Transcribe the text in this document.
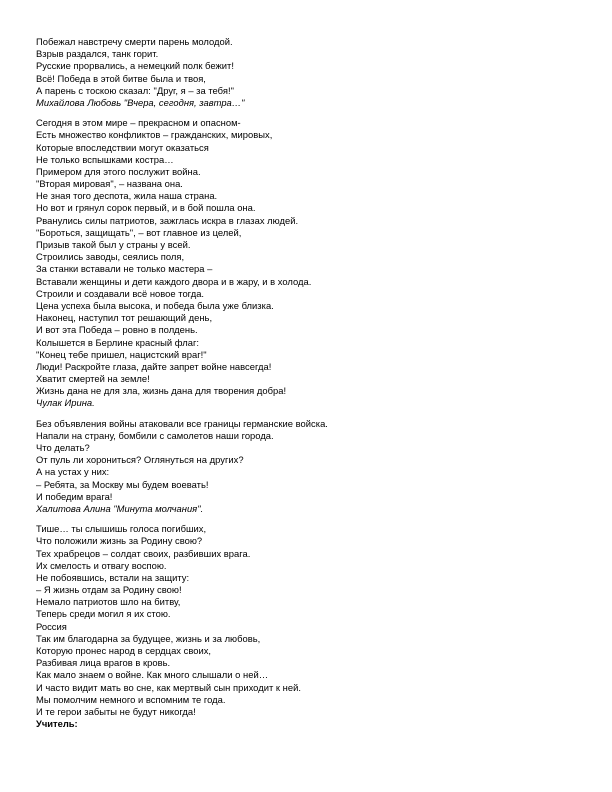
Побежал навстречу смерти парень молодой.
Взрыв раздался, танк горит.
Русские прорвались, а немецкий полк бежит!
Всё! Победа в этой битве была и твоя,
А парень с тоскою сказал: "Друг, я – за тебя!"
Михайлова Любовь "Вчера, сегодня, завтра…"
Сегодня в этом мире – прекрасном и опасном-
Есть множество конфликтов – гражданских, мировых,
Которые впоследствии могут оказаться
Не только вспышками костра…
Примером для этого послужит война.
"Вторая мировая", – названа она.
Не зная того деспота, жила наша страна.
Но вот и грянул сорок первый, и в бой пошла она.
Рванулись силы патриотов, зажглась искра в глазах людей.
"Бороться, защищать", – вот главное из целей,
Призыв такой был у страны у всей.
Строились заводы, сеялись поля,
За станки вставали не только мастера –
Вставали женщины и дети каждого двора и в жару, и в холода.
Строили и создавали всё новое тогда.
Цена успеха была высока, и победа была уже близка.
Наконец, наступил тот решающий день,
И вот эта Победа – ровно в полдень.
Колышется в Берлине красный флаг:
"Конец тебе пришел, нацистский враг!"
Люди! Раскройте глаза, дайте запрет войне навсегда!
Хватит смертей на земле!
Жизнь дана не для зла, жизнь дана для творения добра!
Чулак Ирина.
Без объявления войны атаковали все границы германские войска.
Напали на страну, бомбили с самолетов наши города.
Что делать?
От пуль ли хорониться? Оглянуться на других?
А на устах у них:
– Ребята, за Москву мы будем воевать!
И победим врага!
Халитова Алина "Минута молчания".
Тише… ты слышишь голоса погибших,
Что положили жизнь за Родину свою?
Тех храбрецов – солдат своих, разбивших врага.
Их смелость и отвагу воспою.
Не побоявшись, встали на защиту:
– Я жизнь отдам за Родину свою!
Немало патриотов шло на битву,
Теперь среди могил я их стою.
Россия
Так им благодарна за будущее, жизнь и за любовь,
Которую пронес народ в сердцах своих,
Разбивая лица врагов в кровь.
Как мало знаем о войне. Как много слышали о ней…
И часто видит мать во сне, как мертвый сын приходит к ней.
Мы помолчим немного и вспомним те года.
И те герои забыты не будут никогда!
Учитель:
